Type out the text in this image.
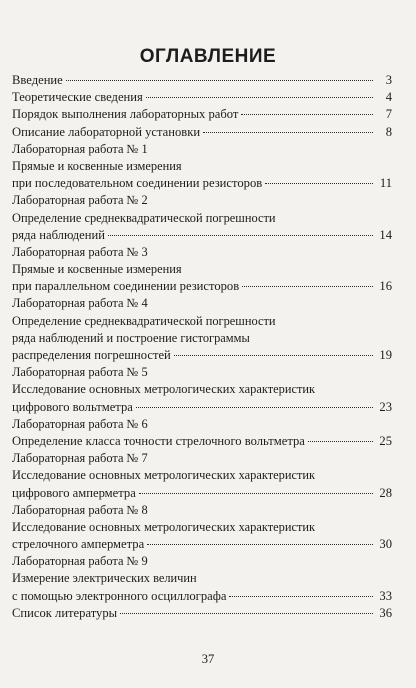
ОГЛАВЛЕНИЕ
Введение	3
Теоретические сведения	4
Порядок выполнения лабораторных работ	7
Описание лабораторной установки	8
Лабораторная работа № 1
Прямые и косвенные измерения
при последовательном соединении резисторов	11
Лабораторная работа № 2
Определение среднеквадратической погрешности
ряда наблюдений	14
Лабораторная работа № 3
Прямые и косвенные измерения
при параллельном соединении резисторов	16
Лабораторная работа № 4
Определение среднеквадратической погрешности
ряда наблюдений и построение гистограммы
распределения погрешностей	19
Лабораторная работа № 5
Исследование основных метрологических характеристик
цифрового вольтметра	23
Лабораторная работа № 6
Определение класса точности стрелочного вольтметра	25
Лабораторная работа № 7
Исследование основных метрологических характеристик
цифрового амперметра	28
Лабораторная работа № 8
Исследование основных метрологических характеристик
стрелочного амперметра	30
Лабораторная работа № 9
Измерение электрических величин
с помощью электронного осциллографа	33
Список литературы	36
37
